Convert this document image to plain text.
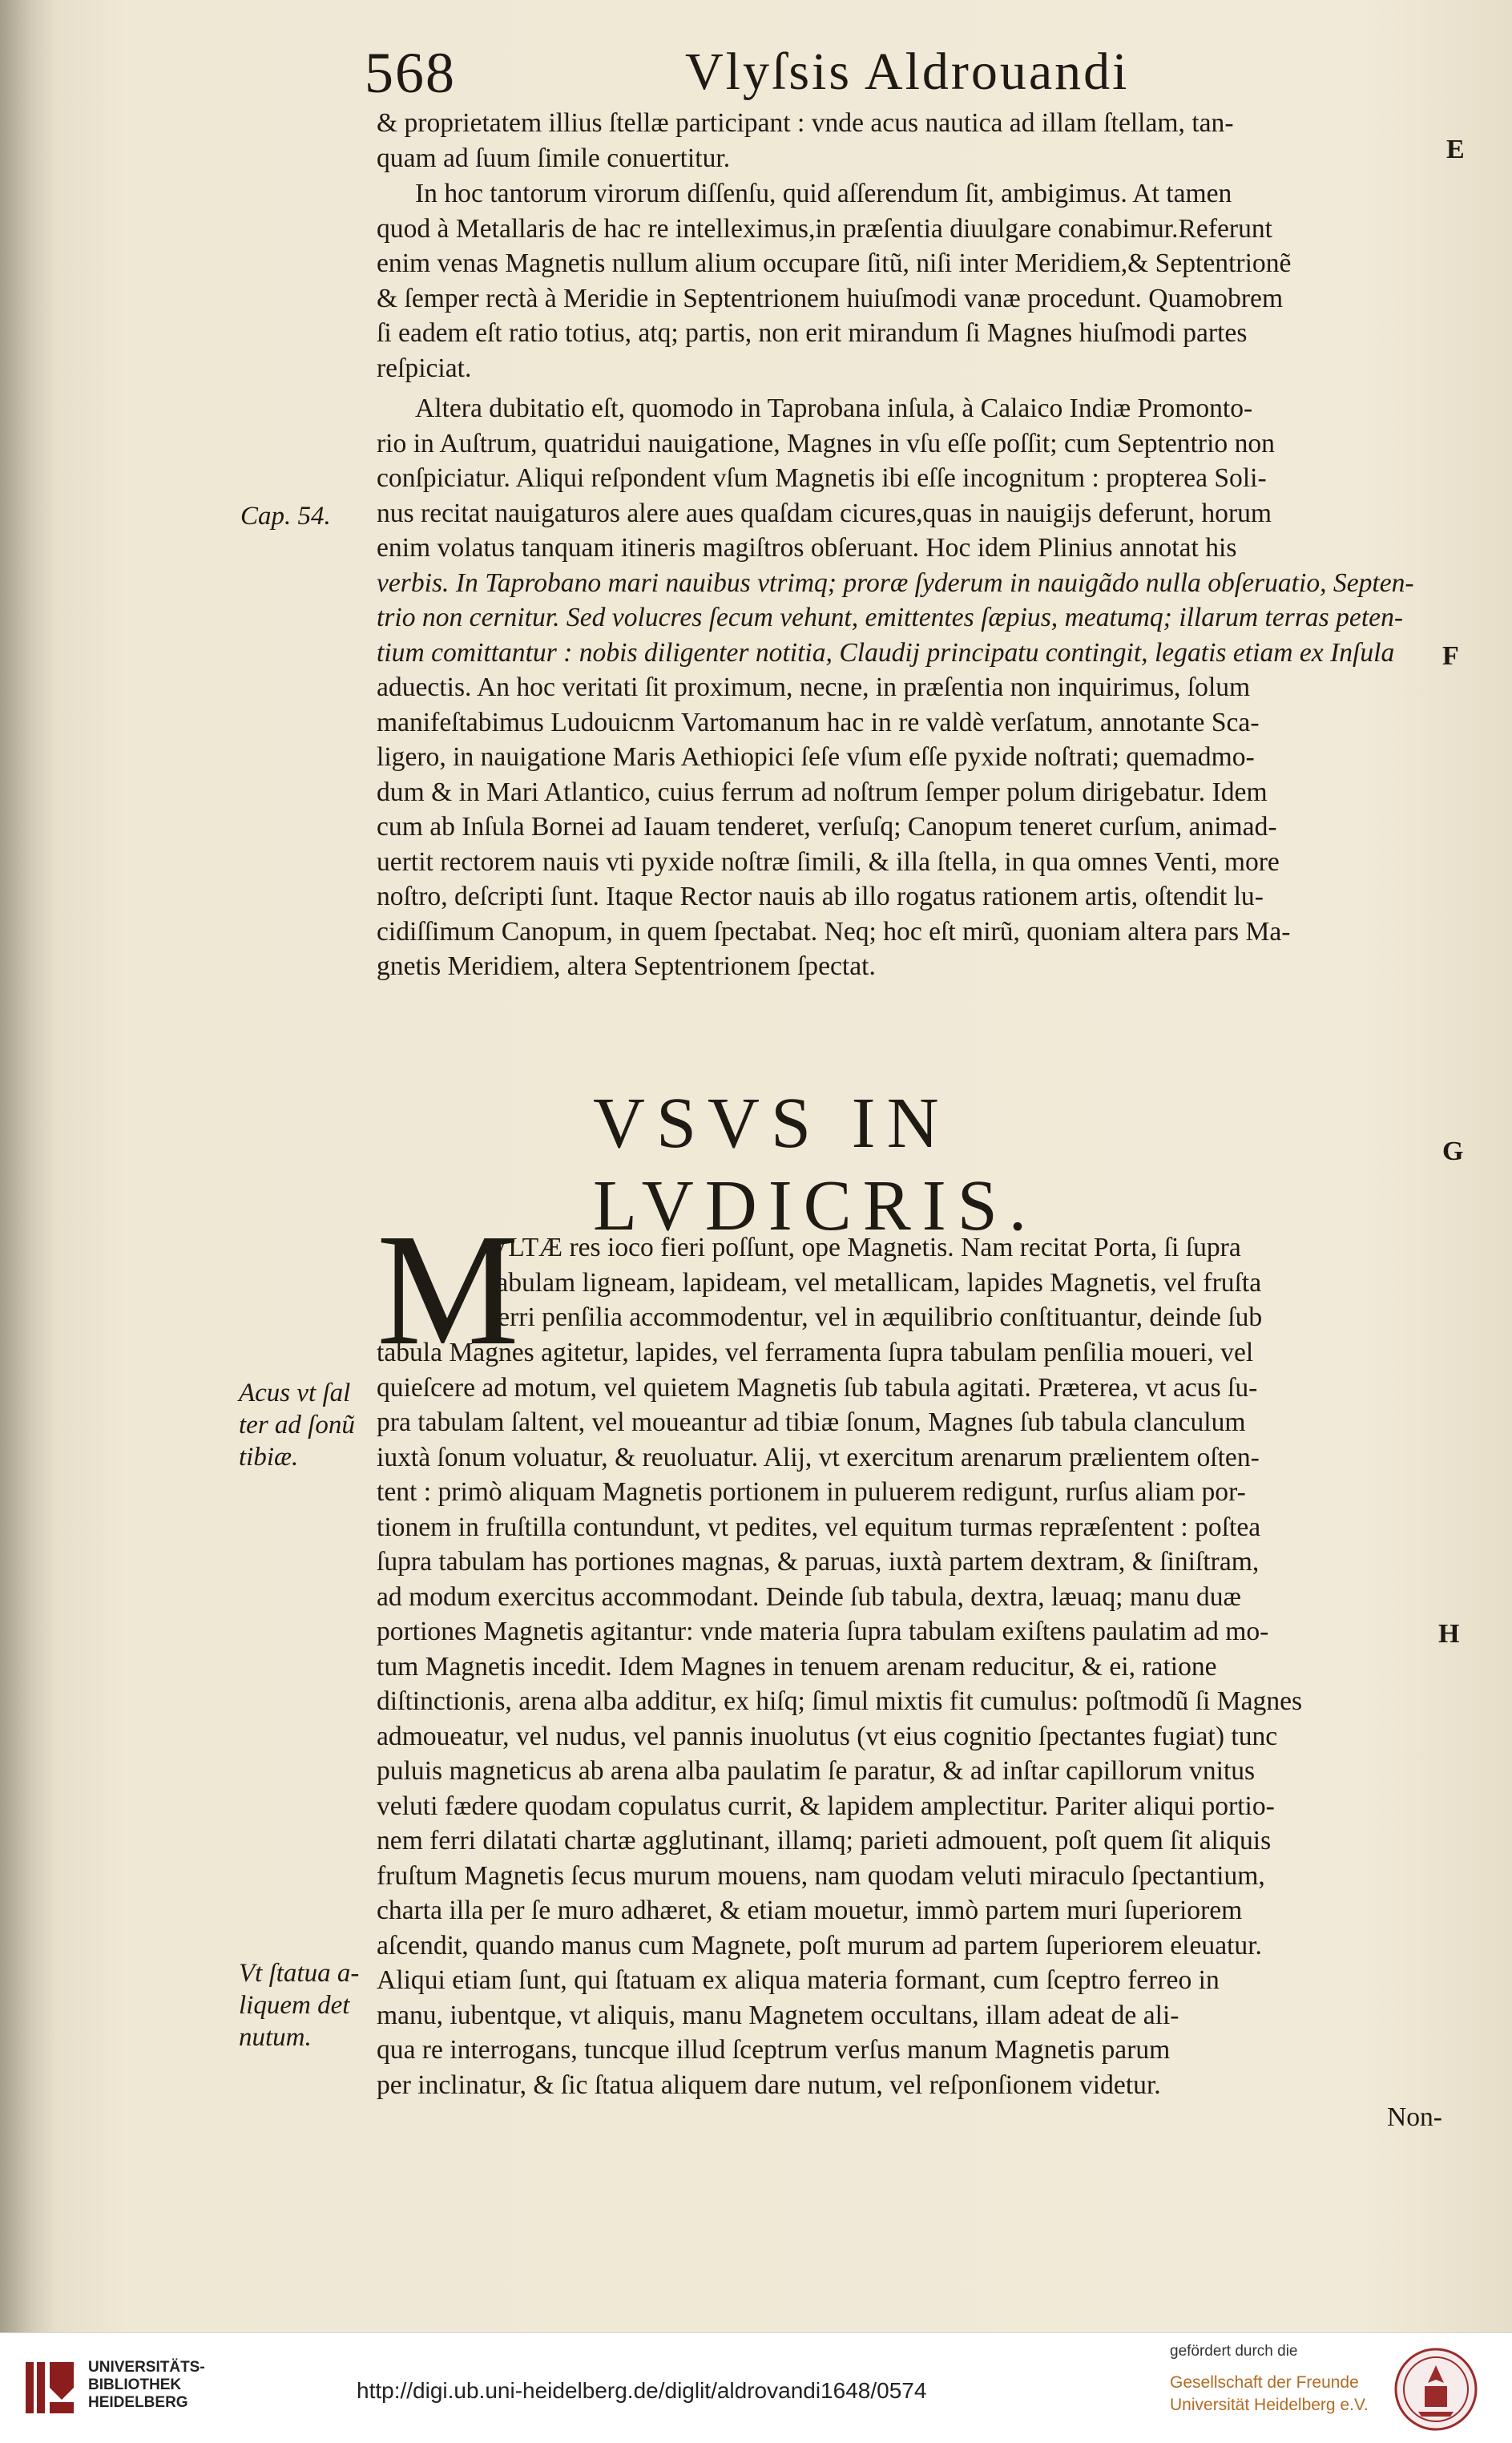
568	Vlyſsis Aldrouandi
E
F
G
H
& proprietatem illius ſtellæ participant : vnde acus nautica ad illam ſtellam, tan-
quam ad ſuum ſimile conuertitur.
In hoc tantorum virorum diſſenſu, quid aſſerendum ſit, ambigimus. At tamen
quod à Metallaris de hac re intelleximus,in præſentia diuulgare conabimur.Referunt
enim venas Magnetis nullum alium occupare ſitũ, niſi inter Meridiem,& Septentrionẽ
& ſemper rectà à Meridie in Septentrionem huiuſmodi vanæ procedunt. Quamobrem
ſi eadem eſt ratio totius, atq; partis, non erit mirandum ſi Magnes hiuſmodi partes
reſpiciat.
Altera dubitatio eſt, quomodo in Taprobana inſula, à Calaico Indiæ Promonto-
rio in Auſtrum, quatridui nauigatione, Magnes in vſu eſſe poſſit; cum Septentrio non
conſpiciatur. Aliqui reſpondent vſum Magnetis ibi eſſe incognitum : propterea Soli-
nus recitat nauigaturos alere aues quaſdam cicures,quas in nauigijs deferunt, horum
enim volatus tanquam itineris magiſtros obſeruant. Hoc idem Plinius annotat his
verbis. In Taprobano mari nauibus vtrimq; proræ ſyderum in nauigãdo nulla obſeruatio, Septen-
trio non cernitur. Sed volucres ſecum vehunt, emittentes ſæpius, meatumq; illarum terras peten-
tium comittantur : nobis diligenter notitia, Claudij principatu contingit, legatis etiam ex Inſula
aduectis. An hoc veritati ſit proximum, necne, in præſentia non inquirimus, ſolum
manifeſtabimus Ludouicnm Vartomanum hac in re valdè verſatum, annotante Sca-
ligero, in nauigatione Maris Aethiopici ſeſe vſum eſſe pyxide noſtrati; quemadmo-
dum & in Mari Atlantico, cuius ferrum ad noſtrum ſemper polum dirigebatur. Idem
cum ab Inſula Bornei ad Iauam tenderet, verſuſq; Canopum teneret curſum, animad-
uertit rectorem nauis vti pyxide noſtræ ſimili, & illa ſtella, in qua omnes Venti, more
noſtro, deſcripti ſunt. Itaque Rector nauis ab illo rogatus rationem artis, oſtendit lu-
cidiſſimum Canopum, in quem ſpectabat. Neq; hoc eſt mirũ, quoniam altera pars Ma-
gnetis Meridiem, altera Septentrionem ſpectat.
Cap. 54.
VSVS IN LVDICRIS.
M
VLTÆ res ioco fieri poſſunt, ope Magnetis. Nam recitat Porta, ſi ſupra
tabulam ligneam, lapideam, vel metallicam, lapides Magnetis, vel fruſta
ferri penſilia accommodentur, vel in æquilibrio conſtituantur, deinde ſub
tabula Magnes agitetur, lapides, vel ferramenta ſupra tabulam penſilia moueri, vel
quieſcere ad motum, vel quietem Magnetis ſub tabula agitati. Præterea, vt acus ſu-
pra tabulam ſaltent, vel moueantur ad tibiæ ſonum, Magnes ſub tabula clanculum
iuxtà ſonum voluatur, & reuoluatur. Alij, vt exercitum arenarum prælientem oſten-
tent : primò aliquam Magnetis portionem in puluerem redigunt, rurſus aliam por-
tionem in fruſtilla contundunt, vt pedites, vel equitum turmas repræſentent : poſtea
ſupra tabulam has portiones magnas, & paruas, iuxtà partem dextram, & ſiniſtram,
ad modum exercitus accommodant. Deinde ſub tabula, dextra, læuaq; manu duæ
portiones Magnetis agitantur: vnde materia ſupra tabulam exiſtens paulatim ad mo-
tum Magnetis incedit. Idem Magnes in tenuem arenam reducitur, & ei, ratione
diſtinctionis, arena alba additur, ex hiſq; ſimul mixtis fit cumulus: poſtmodũ ſi Magnes
admoueatur, vel nudus, vel pannis inuolutus (vt eius cognitio ſpectantes fugiat) tunc
puluis magneticus ab arena alba paulatim ſe paratur, & ad inſtar capillorum vnitus
veluti fædere quodam copulatus currit, & lapidem amplectitur. Pariter aliqui portio-
nem ferri dilatati chartæ agglutinant, illamq; parieti admouent, poſt quem ſit aliquis
fruſtum Magnetis ſecus murum mouens, nam quodam veluti miraculo ſpectantium,
charta illa per ſe muro adhæret, & etiam mouetur, immò partem muri ſuperiorem
aſcendit, quando manus cum Magnete, poſt murum ad partem ſuperiorem eleuatur.
Aliqui etiam ſunt, qui ſtatuam ex aliqua materia formant, cum ſceptro ferreo in
manu, iubentque, vt aliquis, manu Magnetem occultans, illam adeat de ali-
qua re interrogans, tuncque illud ſceptrum verſus manum Magnetis parum
per inclinatur, & ſic ſtatua aliquem dare nutum, vel reſponſionem videtur.
Non-
Acus vt ſal
ter ad ſonũ
tibiæ.
Vt ſtatua a-
liquem det
nutum.
UNIVERSITÄTS-
BIBLIOTHEK
HEIDELBERG	http://digi.ub.uni-heidelberg.de/diglit/aldrovandi1648/0574
gefördert durch die
Gesellschaft der Freunde
Universität Heidelberg e.V.
